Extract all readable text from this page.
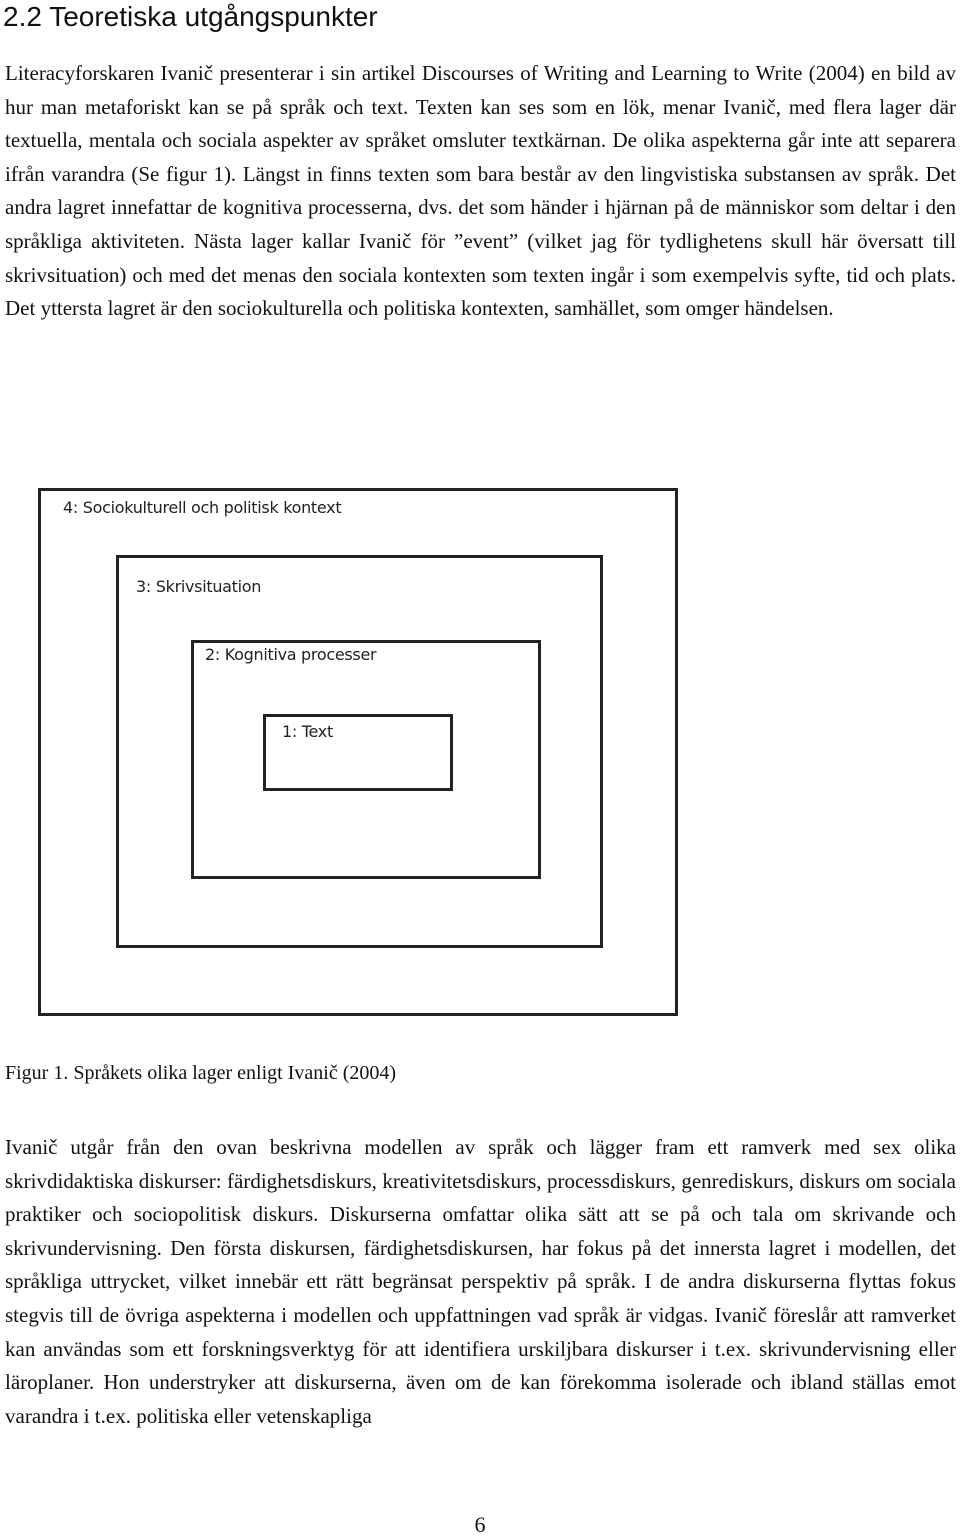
2.2 Teoretiska utgångspunkter

Literacyforskaren Ivanič presenterar i sin artikel Discourses of Writing and Learning to Write (2004) en bild av hur man metaforiskt kan se på språk och text. Texten kan ses som en lök, menar Ivanič, med flera lager där textuella, mentala och sociala aspekter av språket omsluter textkärnan. De olika aspekterna går inte att separera ifrån varandra (Se figur 1). Längst in finns texten som bara består av den lingvistiska substansen av språk. Det andra lagret innefattar de kognitiva processerna, dvs. det som händer i hjärnan på de människor som deltar i den språkliga aktiviteten. Nästa lager kallar Ivanič för ”event” (vilket jag för tydlighetens skull här översatt till skrivsituation) och med det menas den sociala kontexten som texten ingår i som exempelvis syfte, tid och plats. Det yttersta lagret är den sociokulturella och politiska kontexten, samhället, som omger händelsen.

4: Sociokulturell och politisk kontext
3: Skrivsituation
2: Kognitiva processer
1: Text

Figur 1. Språkets olika lager enligt Ivanič (2004)

Ivanič utgår från den ovan beskrivna modellen av språk och lägger fram ett ramverk med sex olika skrivdidaktiska diskurser: färdighetsdiskurs, kreativitetsdiskurs, processdiskurs, genrediskurs, diskurs om sociala praktiker och sociopolitisk diskurs. Diskurserna omfattar olika sätt att se på och tala om skrivande och skrivundervisning. Den första diskursen, färdighetsdiskursen, har fokus på det innersta lagret i modellen, det språkliga uttrycket, vilket innebär ett rätt begränsat perspektiv på språk. I de andra diskurserna flyttas fokus stegvis till de övriga aspekterna i modellen och uppfattningen vad språk är vidgas. Ivanič föreslår att ramverket kan användas som ett forskningsverktyg för att identifiera urskiljbara diskurser i t.ex. skrivundervisning eller läroplaner. Hon understryker att diskurserna, även om de kan förekomma isolerade och ibland ställas emot varandra i t.ex. politiska eller vetenskapliga

6
